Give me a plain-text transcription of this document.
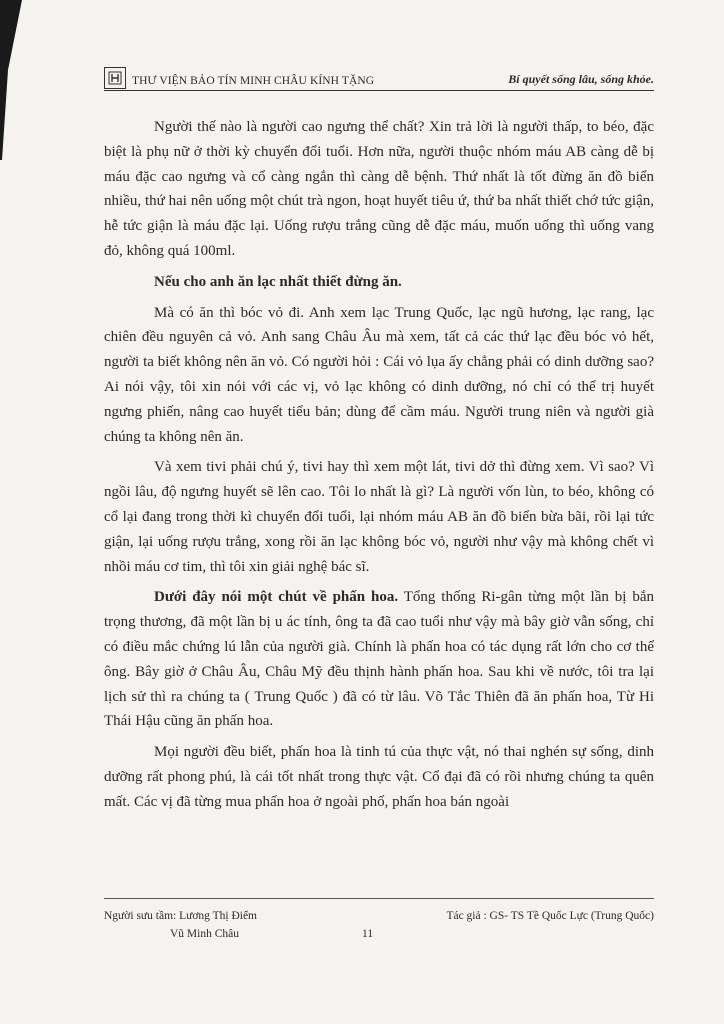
THƯ VIỆN BẢO TÍN MINH CHÂU KÍNH TẶNG	Bí quyết sống lâu, sống khỏe.

Người thế nào là người cao ngưng thể chất? Xin trả lời là người thấp, to béo, đặc biệt là phụ nữ ở thời kỳ chuyển đổi tuổi. Hơn nữa, người thuộc nhóm máu AB càng dễ bị máu đặc cao ngưng và cổ càng ngắn thì càng dễ bệnh. Thứ nhất là tốt đừng ăn đồ biển nhiều, thứ hai nên uống một chút trà ngon, hoạt huyết tiêu ứ, thứ ba nhất thiết chớ tức giận, hễ tức giận là máu đặc lại. Uống rượu trắng cũng dễ đặc máu, muốn uống thì uống vang đỏ, không quá 100ml.

Nếu cho anh ăn lạc nhất thiết đừng ăn.

Mà có ăn thì bóc vỏ đi. Anh xem lạc Trung Quốc, lạc ngũ hương, lạc rang, lạc chiên đều nguyên cả vỏ. Anh sang Châu Âu mà xem, tất cả các thứ lạc đều bóc vỏ hết, người ta biết không nên ăn vỏ. Có người hỏi : Cái vỏ lụa ấy chẳng phải có dinh dưỡng sao? Ai nói vậy, tôi xin nói với các vị, vỏ lạc không có dinh dưỡng, nó chỉ có thể trị huyết ngưng phiến, nâng cao huyết tiểu bản; dùng để cầm máu. Người trung niên và người già chúng ta không nên ăn.

Và xem tivi phải chú ý, tivi hay thì xem một lát, tivi dở thì đừng xem. Vì sao? Vì ngồi lâu, độ ngưng huyết sẽ lên cao. Tôi lo nhất là gì? Là người vốn lùn, to béo, không có cổ lại đang trong thời kì chuyển đổi tuổi, lại nhóm máu AB ăn đồ biển bừa bãi, rồi lại tức giận, lại uống rượu trắng, xong rồi ăn lạc không bóc vỏ, người như vậy mà không chết vì nhồi máu cơ tim, thì tôi xin giải nghệ bác sĩ.

Dưới đây nói một chút về phấn hoa. Tổng thống Ri-gân từng một lần bị bắn trọng thương, đã một lần bị u ác tính, ông ta đã cao tuổi như vậy mà bây giờ vẫn sống, chỉ có điều mắc chứng lú lẫn của người già. Chính là phấn hoa có tác dụng rất lớn cho cơ thể ông. Bây giờ ở Châu Âu, Châu Mỹ đều thịnh hành phấn hoa. Sau khi về nước, tôi tra lại lịch sử thì ra chúng ta ( Trung Quốc ) đã có từ lâu. Võ Tắc Thiên đã ăn phấn hoa, Từ Hi Thái Hậu cũng ăn phấn hoa.

Mọi người đều biết, phấn hoa là tinh tú của thực vật, nó thai nghén sự sống, dinh dưỡng rất phong phú, là cái tốt nhất trong thực vật. Cổ đại đã có rồi nhưng chúng ta quên mất. Các vị đã từng mua phấn hoa ở ngoài phố, phấn hoa bán ngoài

Người sưu tầm: Lương Thị Điểm
Vũ Minh Châu	11
Tác giả : GS- TS Tề Quốc Lực (Trung Quốc)
